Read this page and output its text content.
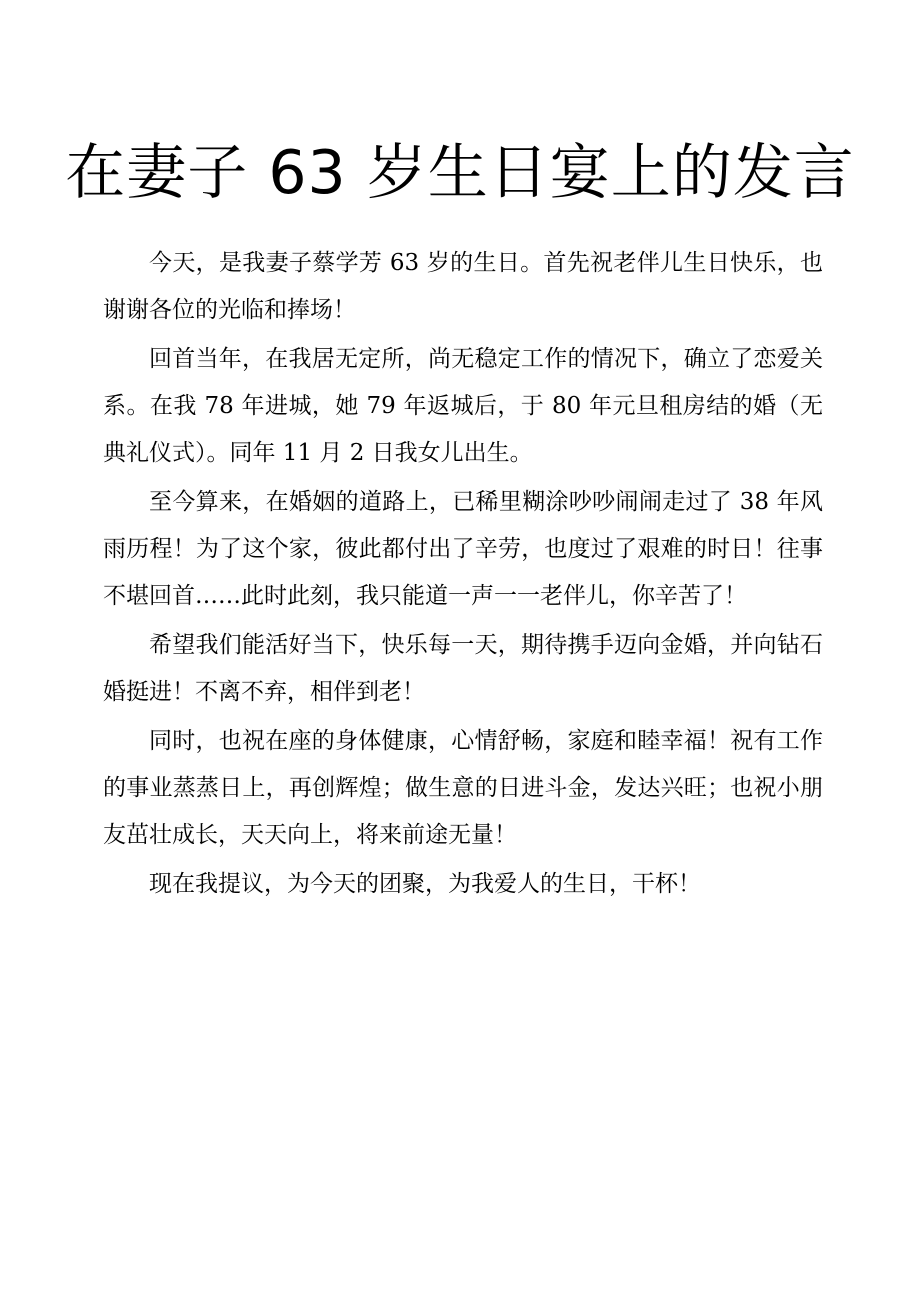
在妻子 63 岁生日宴上的发言

今天，是我妻子蔡学芳 63 岁的生日。首先祝老伴儿生日快乐，也谢谢各位的光临和捧场！

回首当年，在我居无定所，尚无稳定工作的情况下，确立了恋爱关系。在我 78 年进城，她 79 年返城后，于 80 年元旦租房结的婚（无典礼仪式）。同年 11 月 2 日我女儿出生。

至今算来，在婚姻的道路上，已稀里糊涂吵吵闹闹走过了 38 年风雨历程！为了这个家，彼此都付出了辛劳，也度过了艰难的时日！往事不堪回首……此时此刻，我只能道一声一一老伴儿，你辛苦了！

希望我们能活好当下，快乐每一天，期待携手迈向金婚，并向钻石婚挺进！不离不弃，相伴到老！

同时，也祝在座的身体健康，心情舒畅，家庭和睦幸福！祝有工作的事业蒸蒸日上，再创辉煌；做生意的日进斗金，发达兴旺；也祝小朋友茁壮成长，天天向上，将来前途无量！

现在我提议，为今天的团聚，为我爱人的生日，干杯！
